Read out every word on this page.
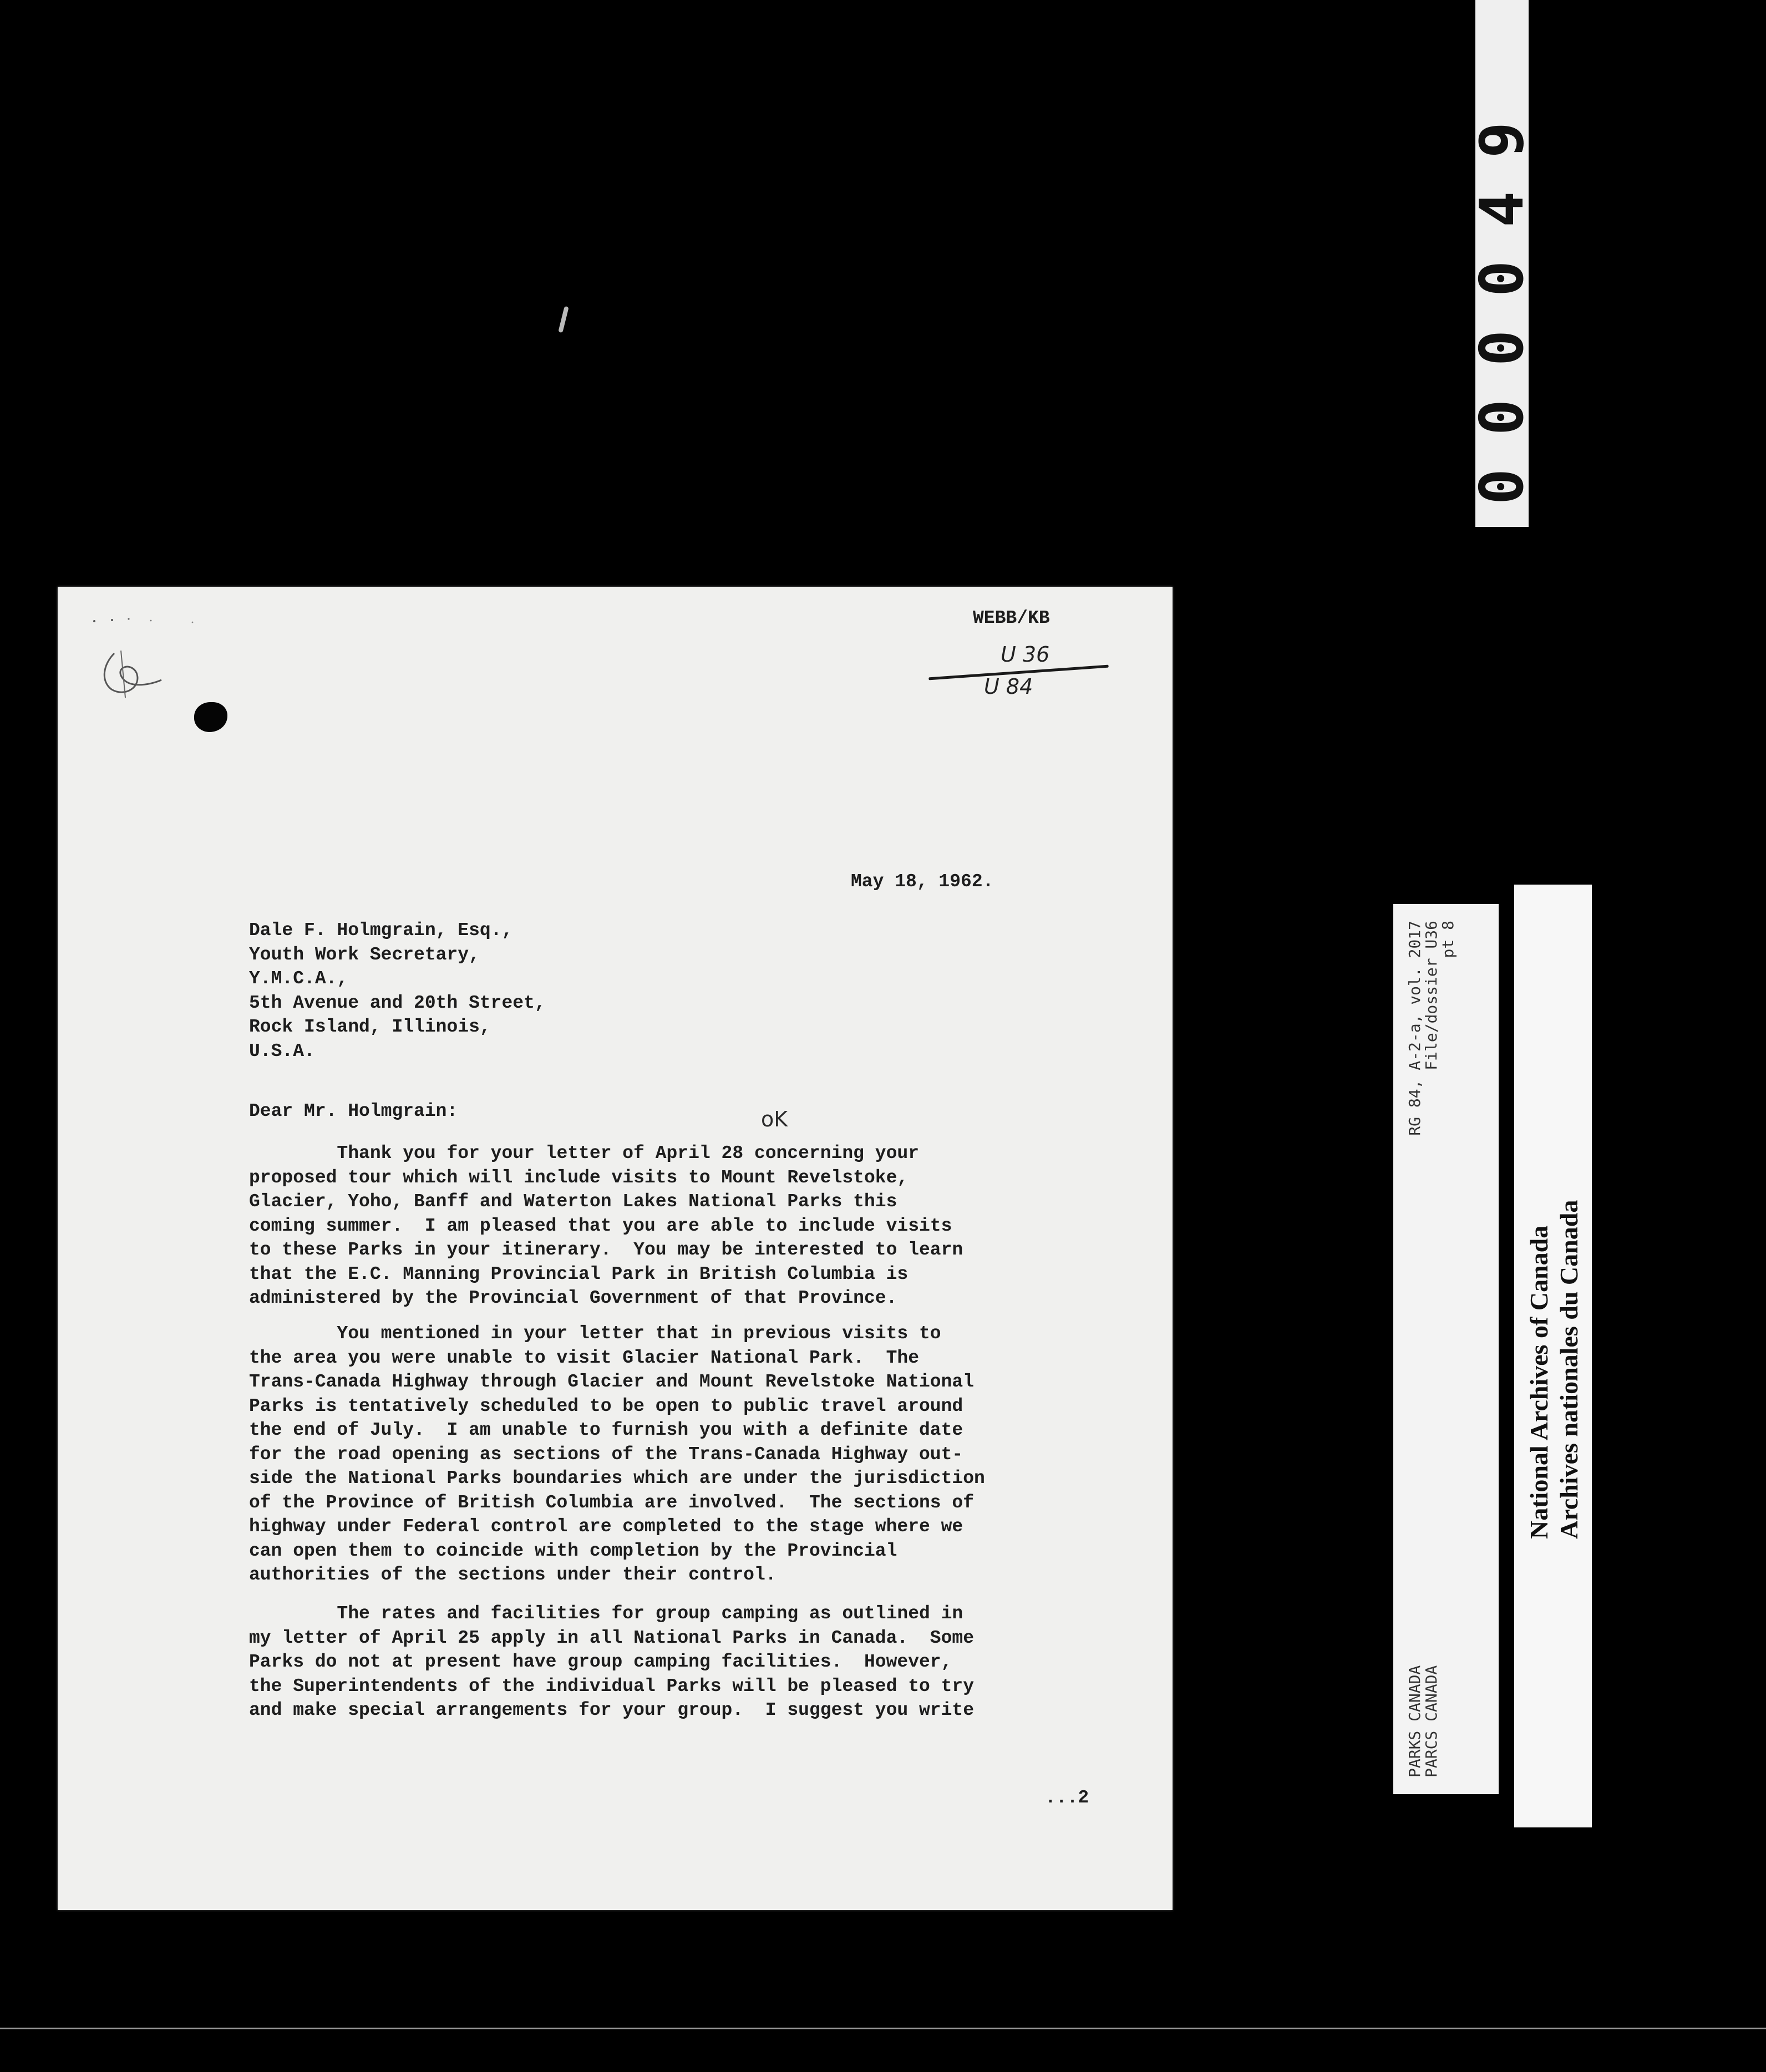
000049
WEBB/KB
U 36
U 84
May 18, 1962.
Dale F. Holmgrain, Esq.,
Youth Work Secretary,
Y.M.C.A.,
5th Avenue and 20th Street,
Rock Island, Illinois,
U.S.A.
Dear Mr. Holmgrain:	oK
Thank you for your letter of April 28 concerning your
proposed tour which will include visits to Mount Revelstoke,
Glacier, Yoho, Banff and Waterton Lakes National Parks this
coming summer.  I am pleased that you are able to include visits
to these Parks in your itinerary.  You may be interested to learn
that the E.C. Manning Provincial Park in British Columbia is
administered by the Provincial Government of that Province.
You mentioned in your letter that in previous visits to
the area you were unable to visit Glacier National Park.  The
Trans-Canada Highway through Glacier and Mount Revelstoke National
Parks is tentatively scheduled to be open to public travel around
the end of July.  I am unable to furnish you with a definite date
for the road opening as sections of the Trans-Canada Highway out-
side the National Parks boundaries which are under the jurisdiction
of the Province of British Columbia are involved.  The sections of
highway under Federal control are completed to the stage where we
can open them to coincide with completion by the Provincial
authorities of the sections under their control.
The rates and facilities for group camping as outlined in
my letter of April 25 apply in all National Parks in Canada.  Some
Parks do not at present have group camping facilities.  However,
the Superintendents of the individual Parks will be pleased to try
and make special arrangements for your group.  I suggest you write
...2
PARKS CANADA
RG 84, A-2-a, vol. 2017
PARCS CANADA
File/dossier U36
pt 8
National Archives of Canada Archives nationales du Canada
